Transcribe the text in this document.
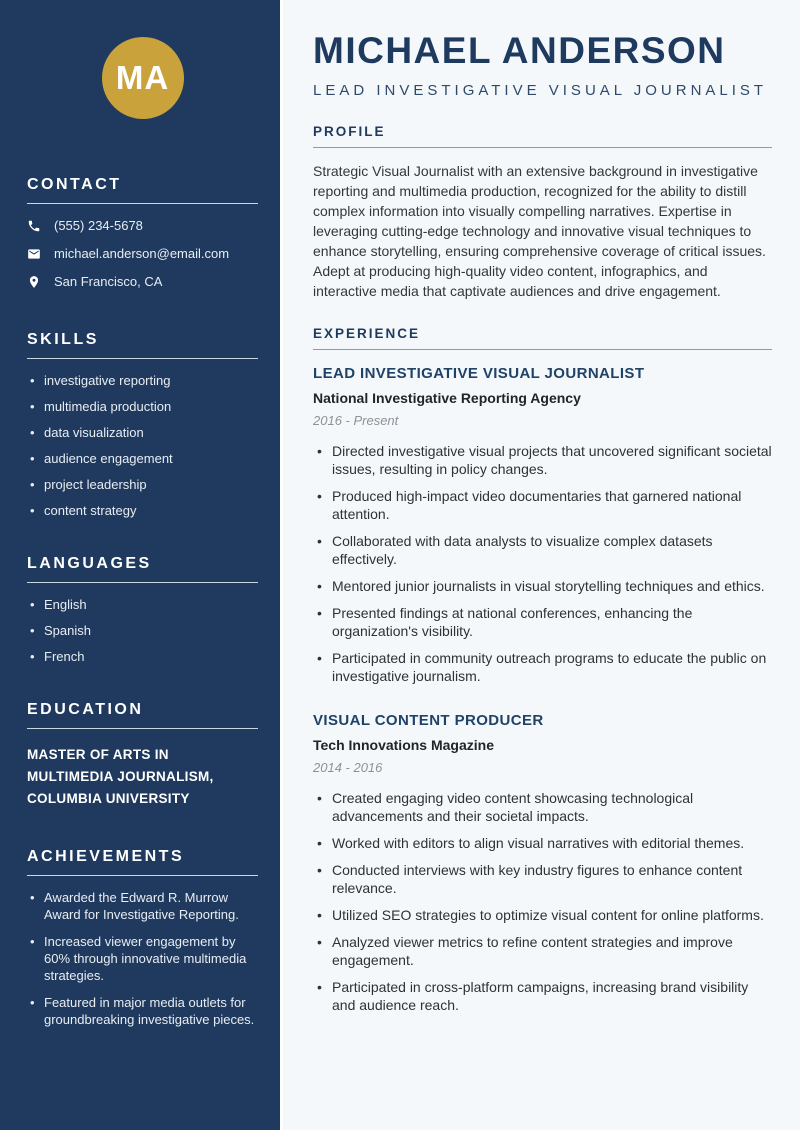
MA
CONTACT
(555) 234-5678
michael.anderson@email.com
San Francisco, CA
SKILLS
• investigative reporting
• multimedia production
• data visualization
• audience engagement
• project leadership
• content strategy
LANGUAGES
• English
• Spanish
• French
EDUCATION
MASTER OF ARTS IN MULTIMEDIA JOURNALISM, COLUMBIA UNIVERSITY
ACHIEVEMENTS
• Awarded the Edward R. Murrow Award for Investigative Reporting.
• Increased viewer engagement by 60% through innovative multimedia strategies.
• Featured in major media outlets for groundbreaking investigative pieces.
MICHAEL ANDERSON
LEAD INVESTIGATIVE VISUAL JOURNALIST
PROFILE

Strategic Visual Journalist with an extensive background in investigative reporting and multimedia production, recognized for the ability to distill complex information into visually compelling narratives. Expertise in leveraging cutting-edge technology and innovative visual techniques to enhance storytelling, ensuring comprehensive coverage of critical issues. Adept at producing high-quality video content, infographics, and interactive media that captivate audiences and drive engagement.

EXPERIENCE
LEAD INVESTIGATIVE VISUAL JOURNALIST
National Investigative Reporting Agency
2016 - Present
• Directed investigative visual projects that uncovered significant societal issues, resulting in policy changes.
• Produced high-impact video documentaries that garnered national attention.
• Collaborated with data analysts to visualize complex datasets effectively.
• Mentored junior journalists in visual storytelling techniques and ethics.
• Presented findings at national conferences, enhancing the organization's visibility.
• Participated in community outreach programs to educate the public on investigative journalism.
VISUAL CONTENT PRODUCER
Tech Innovations Magazine
2014 - 2016
• Created engaging video content showcasing technological advancements and their societal impacts.
• Worked with editors to align visual narratives with editorial themes.
• Conducted interviews with key industry figures to enhance content relevance.
• Utilized SEO strategies to optimize visual content for online platforms.
• Analyzed viewer metrics to refine content strategies and improve engagement.
• Participated in cross-platform campaigns, increasing brand visibility and audience reach.
